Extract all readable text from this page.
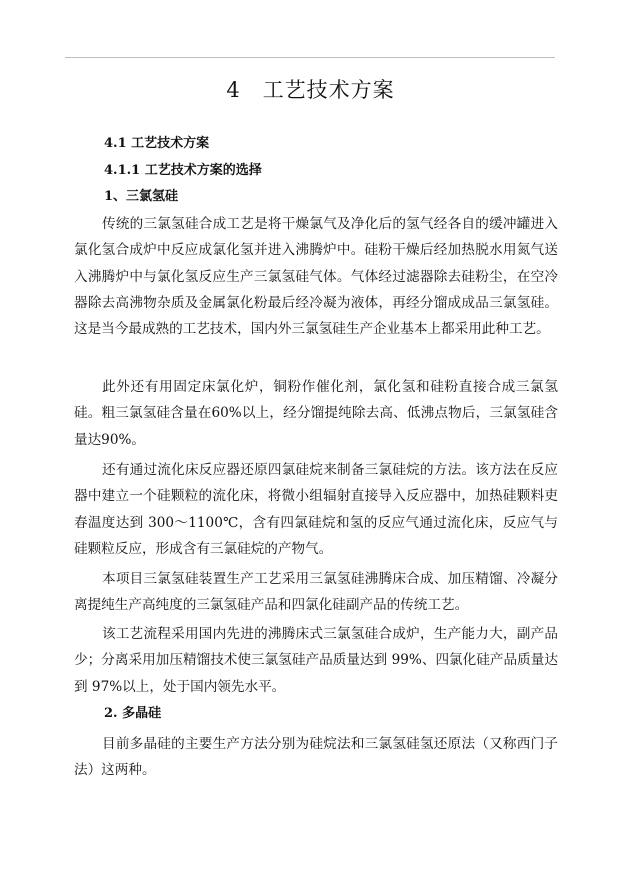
4 工艺技术方案
4.1 工艺技术方案
4.1.1 工艺技术方案的选择
1、三氯氢硅

传统的三氯氢硅合成工艺是将干燥氯气及净化后的氢气经各自的缓冲罐进入氯化氢合成炉中反应成氯化氢并进入沸腾炉中。硅粉干燥后经加热脱水用氮气送入沸腾炉中与氯化氢反应生产三氯氢硅气体。气体经过滤器除去硅粉尘，在空冷器除去高沸物杂质及金属氯化粉最后经冷凝为液体，再经分馏成成品三氯氢硅。这是当今最成熟的工艺技术，国内外三氯氢硅生产企业基本上都采用此种工艺。

此外还有用固定床氯化炉，铜粉作催化剂，氯化氢和硅粉直接合成三氯氢硅。粗三氯氢硅含量在60%以上，经分馏提纯除去高、低沸点物后，三氯氢硅含量达90%。

还有通过流化床反应器还原四氯硅烷来制备三氯硅烷的方法。该方法在反应器中建立一个硅颗粒的流化床，将微小组辐射直接导入反应器中，加热硅颗料吏春温度达到 300～1100℃，含有四氯硅烷和氢的反应气通过流化床，反应气与硅颗粒反应，形成含有三氯硅烷的产物气。

本项目三氯氢硅装置生产工艺采用三氯氢硅沸腾床合成、加压精馏、冷凝分离提纯生产高纯度的三氯氢硅产品和四氯化硅副产品的传统工艺。

该工艺流程采用国内先进的沸腾床式三氯氢硅合成炉，生产能力大，副产品少；分离采用加压精馏技术使三氯氢硅产品质量达到 99%、四氯化硅产品质量达到 97%以上，处于国内领先水平。

2. 多晶硅

目前多晶硅的主要生产方法分别为硅烷法和三氯氢硅氢还原法（又称西门子法）这两种。
